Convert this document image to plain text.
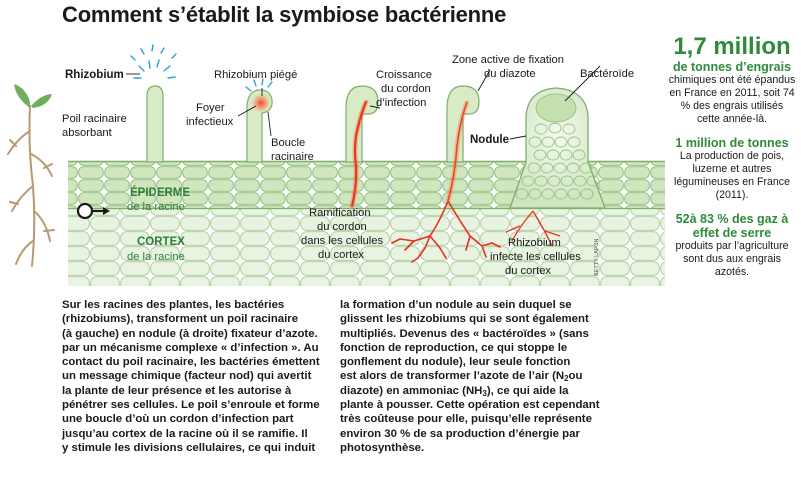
Comment s’établit la symbiose bactérienne
Rhizobium
Poil racinaire
absorbant
Rhizobium piégé
Foyer
infectieux
Boucle
racinaire
Croissance
du cordon
d’infection
Zone active de fixation
du diazote	Bactéroïde
Nodule
ÉPIDERME
de la racine
CORTEX
de la racine
Ramification
du cordon
dans les cellules
du cortex
Rhizobium
infecte les cellules
du cortex	BETTY LAFON
1,7 million
de tonnes d’engrais
chimiques ont été épandus en France en 2011, soit 74 % des engrais utilisés cette année-là.
1 million de tonnes
La production de pois, luzerne et autres légumineuses en France (2011).
52à 83 % des gaz à effet de serre
produits par l’agriculture sont dus aux engrais azotés.
Sur les racines des plantes, les bactéries
(rhizobiums), transforment un poil racinaire
(à gauche) en nodule (à droite) fixateur d’azote.
par un mécanisme complexe « d’infection ». Au
contact du poil racinaire, les bactéries émettent
un message chimique (facteur nod) qui avertit
la plante de leur présence et les autorise à
pénétrer ses cellules. Le poil s’enroule et forme
une boucle d’où un cordon d’infection part
jusqu’au cortex de la racine où il se ramifie. Il
y stimule les divisions cellulaires, ce qui induit
la formation d’un nodule au sein duquel se
glissent les rhizobiums qui se sont également
multipliés. Devenus des « bactéroïdes » (sans
fonction de reproduction, ce qui stoppe le
gonflement du nodule), leur seule fonction
est alors de transformer l’azote de l’air ($N_2ou$
diazote) en ammoniac $(NH_3)$, ce qui aide la
plante à pousser. Cette opération est cependant
très coûteuse pour elle, puisqu’elle représente
environ 30 % de sa production d’énergie par
photosynthèse.
